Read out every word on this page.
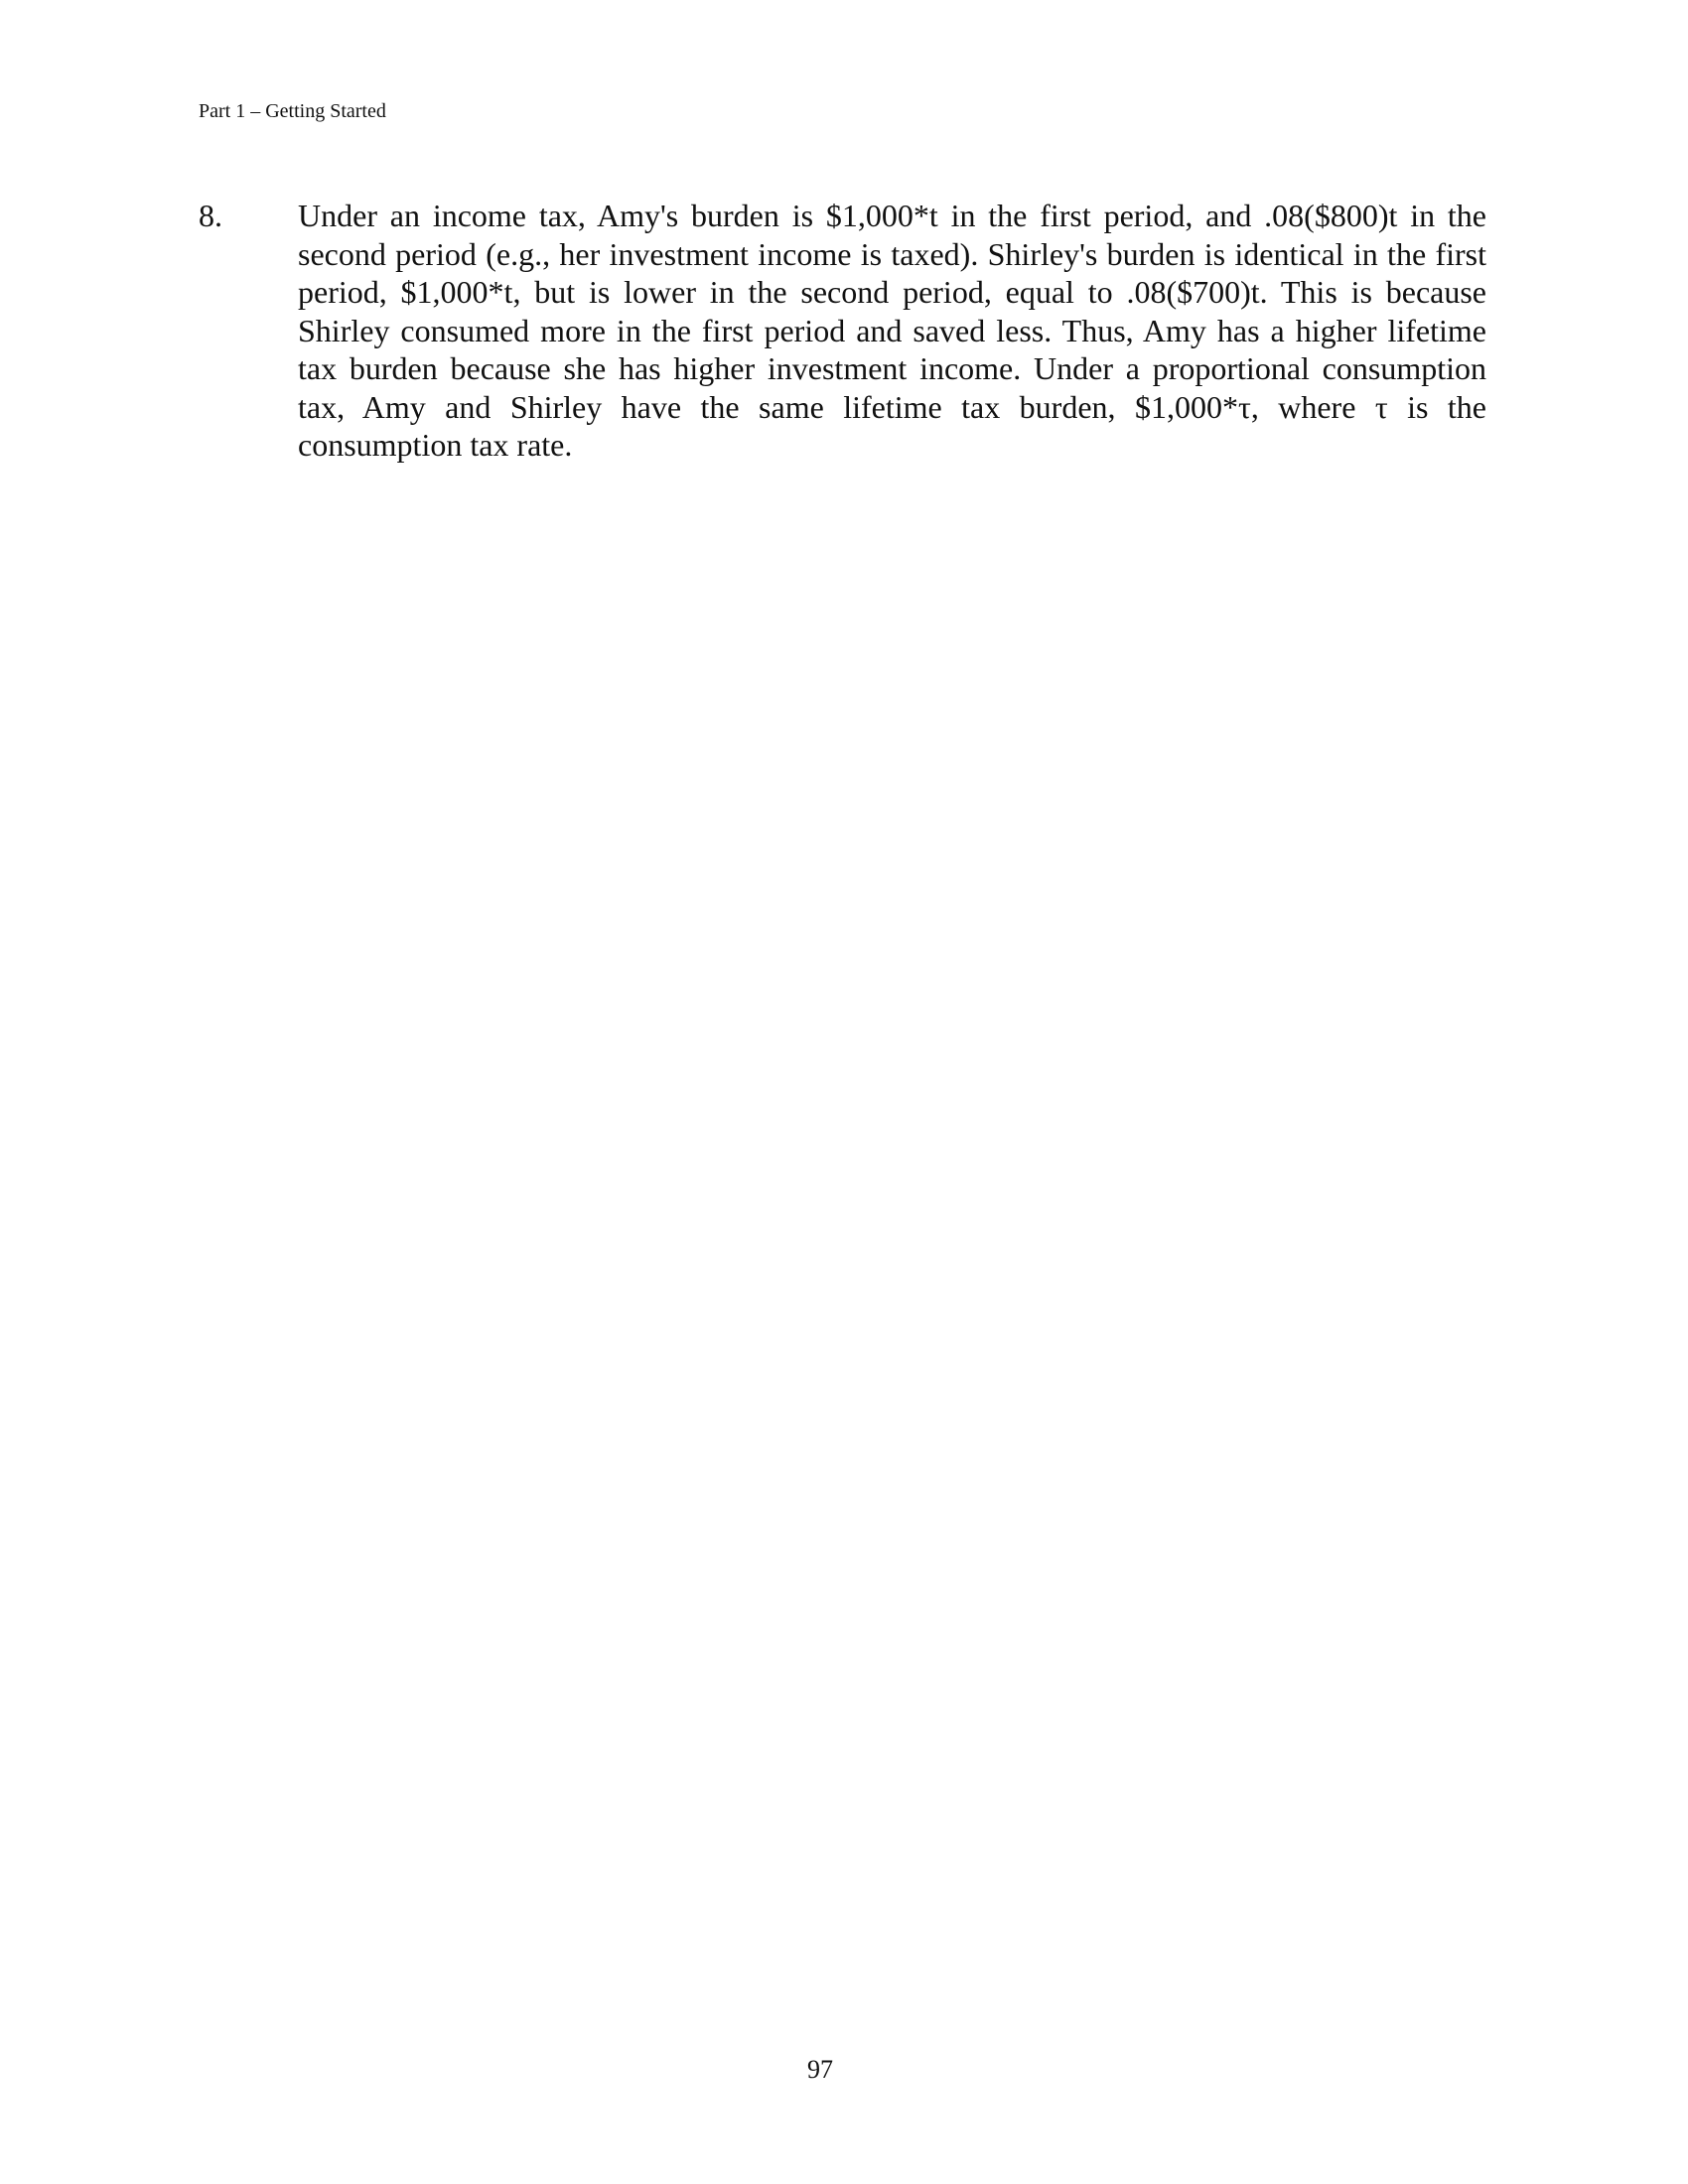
Part 1 – Getting Started
8. Under an income tax, Amy's burden is $1,000*t in the first period, and .08($800)t in the second period (e.g., her investment income is taxed). Shirley's burden is identical in the first period, $1,000*t, but is lower in the second period, equal to .08($700)t. This is because Shirley consumed more in the first period and saved less. Thus, Amy has a higher lifetime tax burden because she has higher investment income. Under a proportional consumption tax, Amy and Shirley have the same lifetime tax burden, $1,000*τ, where τ is the consumption tax rate.
97
